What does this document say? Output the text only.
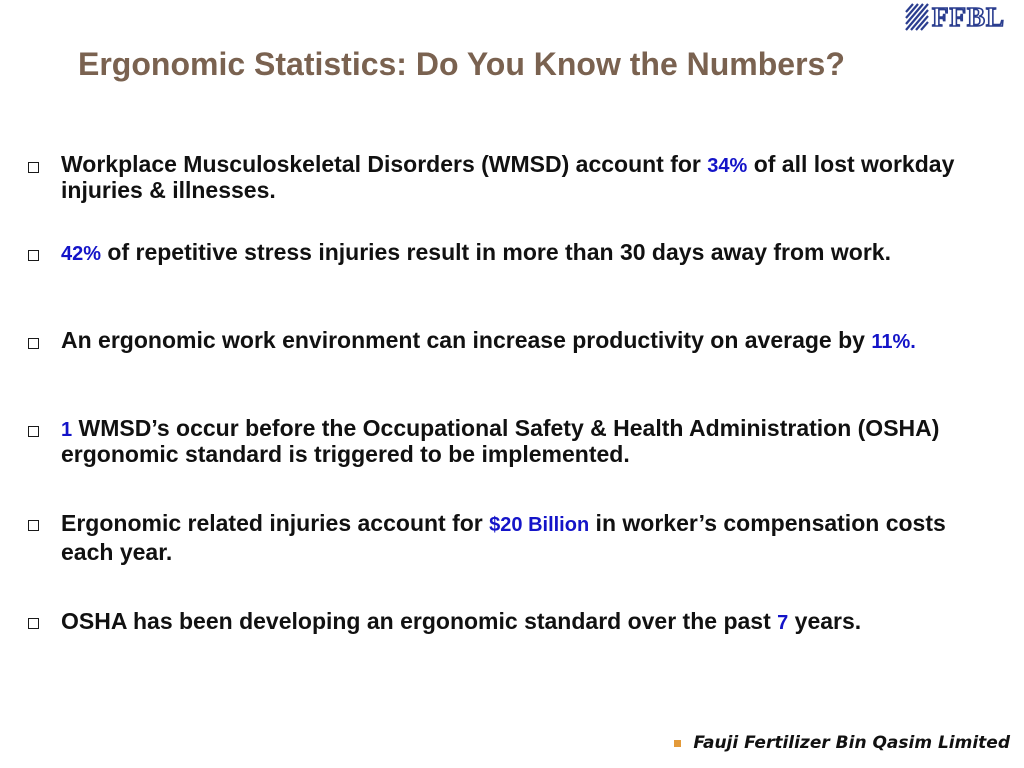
FFBL
Ergonomic Statistics: Do You Know the Numbers?
Workplace Musculoskeletal Disorders (WMSD) account for 34% of all lost workday injuries & illnesses.
42% of repetitive stress injuries result in more than 30 days away from work.
An ergonomic work environment can increase productivity on average by 11%.
1 WMSD’s occur before the Occupational Safety & Health Administration (OSHA) ergonomic standard is triggered to be implemented.
Ergonomic related injuries account for $20 Billion in worker’s compensation costs each year.
OSHA has been developing an ergonomic standard over the past 7 years.
Fauji Fertilizer Bin Qasim Limited
